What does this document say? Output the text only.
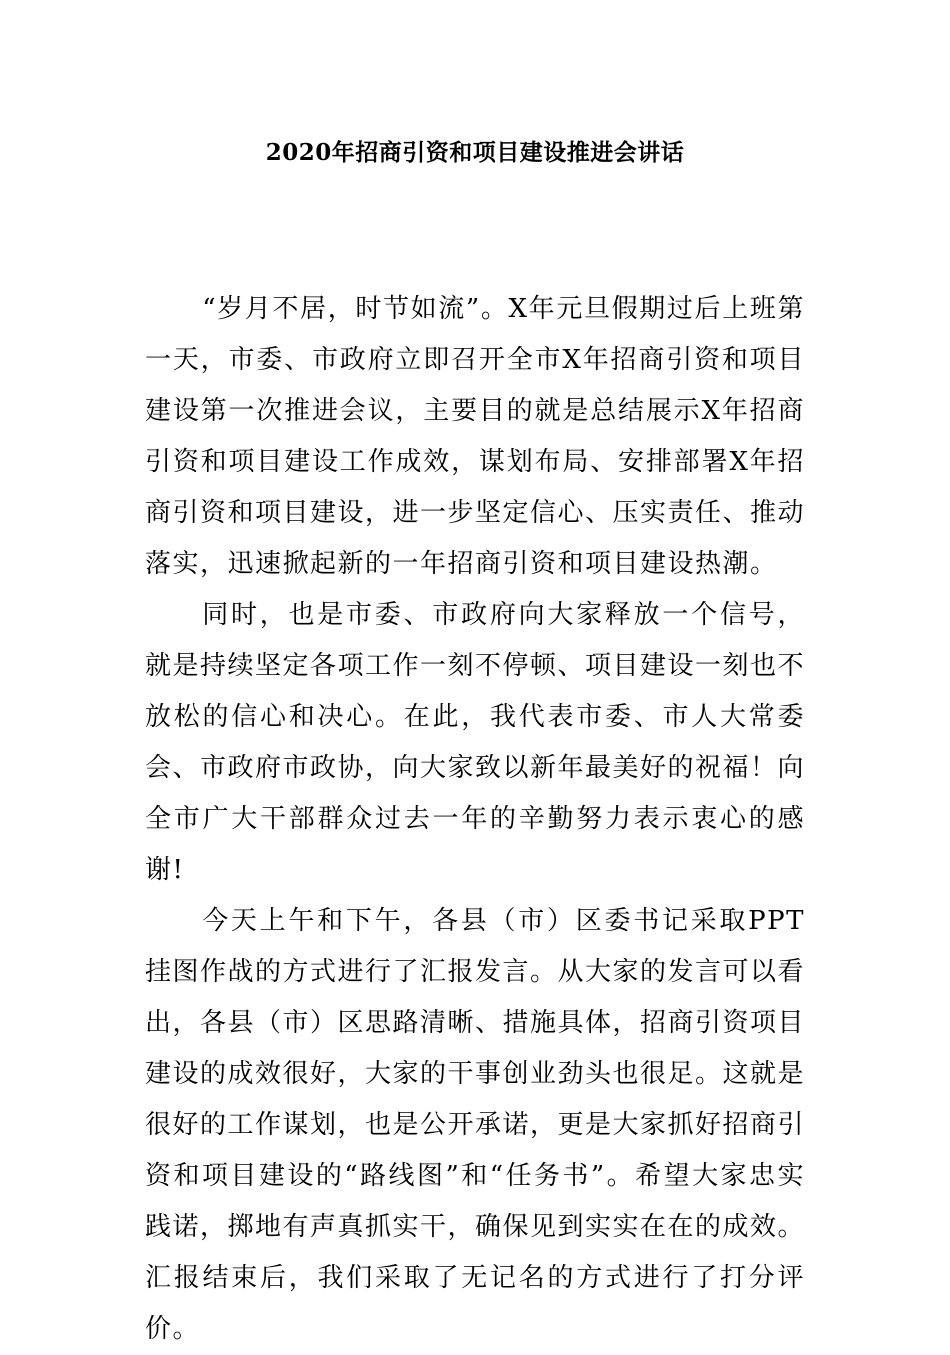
2020年招商引资和项目建设推进会讲话

“岁月不居，时节如流”。X年元旦假期过后上班第一天，市委、市政府立即召开全市X年招商引资和项目建设第一次推进会议，主要目的就是总结展示X年招商引资和项目建设工作成效，谋划布局、安排部署X年招商引资和项目建设，进一步坚定信心、压实责任、推动落实，迅速掀起新的一年招商引资和项目建设热潮。

同时，也是市委、市政府向大家释放一个信号，就是持续坚定各项工作一刻不停顿、项目建设一刻也不放松的信心和决心。在此，我代表市委、市人大常委会、市政府市政协，向大家致以新年最美好的祝福！向全市广大干部群众过去一年的辛勤努力表示衷心的感谢!

今天上午和下午，各县（市）区委书记采取PPT挂图作战的方式进行了汇报发言。从大家的发言可以看出，各县（市）区思路清晰、措施具体，招商引资项目建设的成效很好，大家的干事创业劲头也很足。这就是很好的工作谋划，也是公开承诺，更是大家抓好招商引资和项目建设的“路线图”和“任务书”。希望大家忠实践诺，掷地有声真抓实干，确保见到实实在在的成效。汇报结束后，我们采取了无记名的方式进行了打分评价。
